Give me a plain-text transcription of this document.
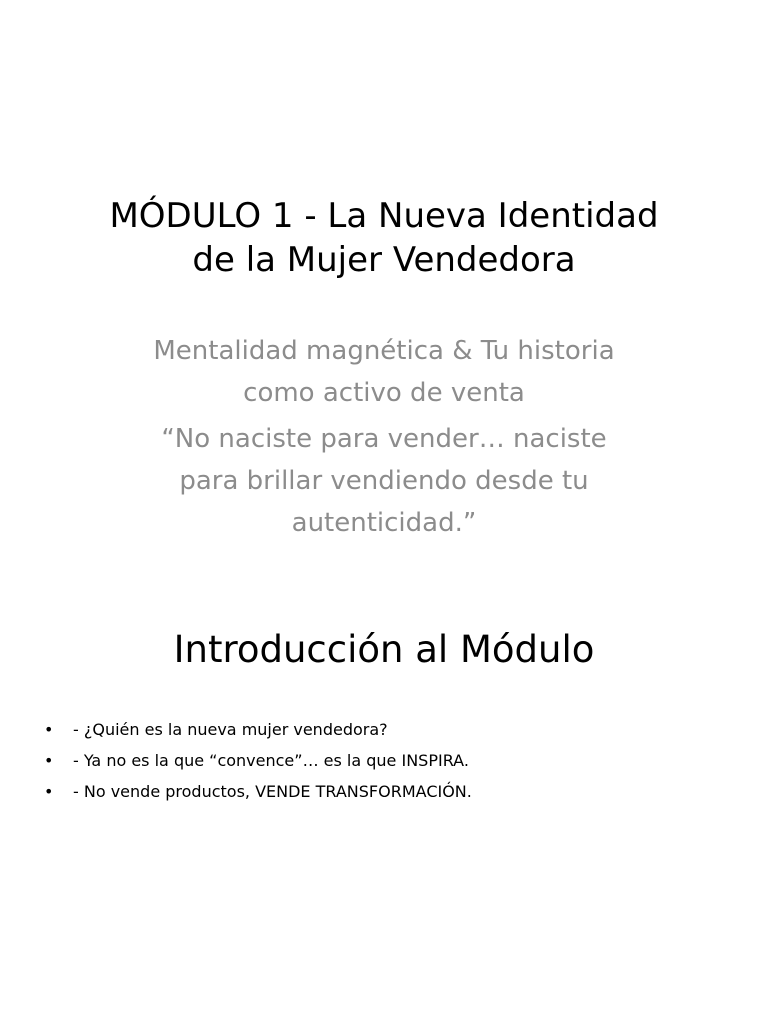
MÓDULO 1 - La Nueva Identidad
de la Mujer Vendedora

Mentalidad magnética & Tu historia
como activo de venta

“No naciste para vender… naciste
para brillar vendiendo desde tu
autenticidad.”

Introducción al Módulo
• - ¿Quién es la nueva mujer vendedora?
• - Ya no es la que “convence”… es la que INSPIRA.
• - No vende productos, VENDE TRANSFORMACIÓN.
